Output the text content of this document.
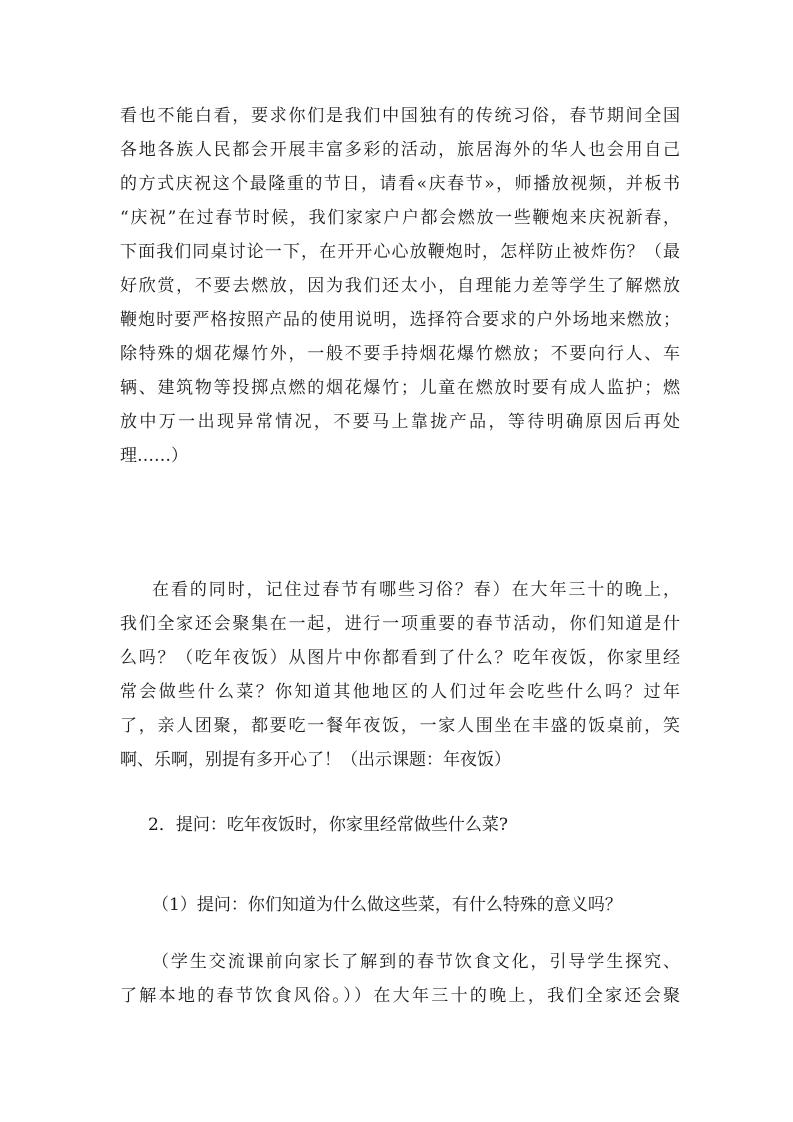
看也不能白看，要求你们是我们中国独有的传统习俗，春节期间全国
各地各族人民都会开展丰富多彩的活动，旅居海外的华人也会用自己
的方式庆祝这个最隆重的节日，请看«庆春节»，师播放视频，并板书
“庆祝”在过春节时候，我们家家户户都会燃放一些鞭炮来庆祝新春，
下面我们同桌讨论一下，在开开心心放鞭炮时，怎样防止被炸伤？（最
好欣赏，不要去燃放，因为我们还太小，自理能力差等学生了解燃放
鞭炮时要严格按照产品的使用说明，选择符合要求的户外场地来燃放；
除特殊的烟花爆竹外，一般不要手持烟花爆竹燃放；不要向行人、车
辆、建筑物等投掷点燃的烟花爆竹；儿童在燃放时要有成人监护；燃
放中万一出现异常情况，不要马上靠拢产品，等待明确原因后再处
理……）
在看的同时，记住过春节有哪些习俗？春）在大年三十的晚上，
我们全家还会聚集在一起，进行一项重要的春节活动，你们知道是什
么吗？（吃年夜饭）从图片中你都看到了什么？吃年夜饭，你家里经
常会做些什么菜？你知道其他地区的人们过年会吃些什么吗？过年
了，亲人团聚，都要吃一餐年夜饭，一家人围坐在丰盛的饭桌前，笑
啊、乐啊，别提有多开心了！（出示课题：年夜饭）
2．提问：吃年夜饭时，你家里经常做些什么菜?
（1）提问：你们知道为什么做这些菜，有什么特殊的意义吗？
（学生交流课前向家长了解到的春节饮食文化，引导学生探究、
了解本地的春节饮食风俗。））在大年三十的晚上，我们全家还会聚
